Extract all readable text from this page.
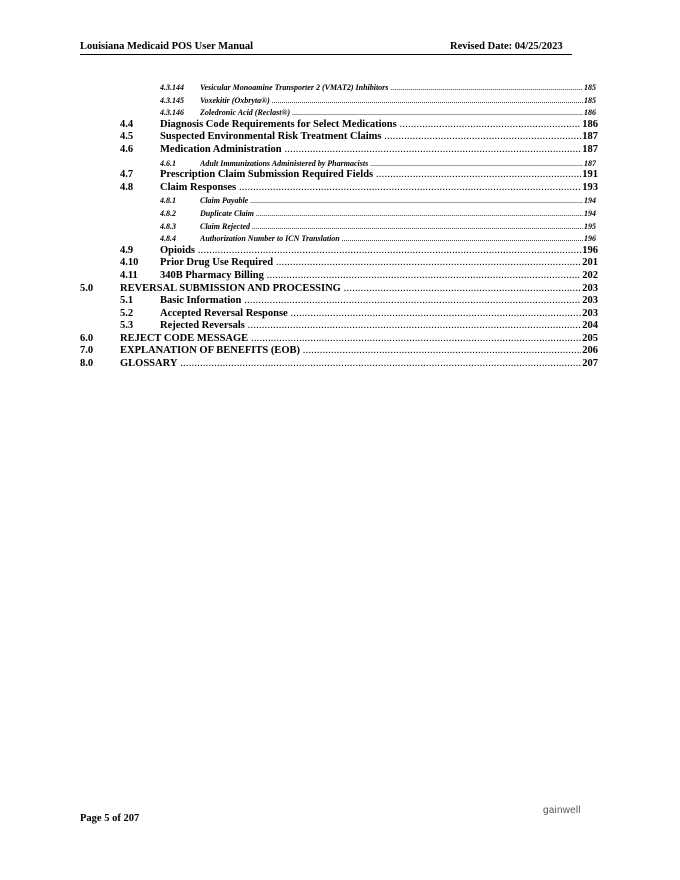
Louisiana Medicaid POS User Manual	Revised Date: 04/25/2023
4.3.144 Vesicular Monoamine Transporter 2 (VMAT2) Inhibitors .....	185
4.3.145 Voxekitir (Oxbryta®) .....	185
4.3.146 Zoledronic Acid (Reclast®) .....	186
4.4	Diagnosis Code Requirements for Select Medications .....	186
4.5	Suspected Environmental Risk Treatment Claims .....	187
4.6	Medication Administration .....	187
4.6.1	Adult Immunizations Administered by Pharmacists .....	187
4.7	Prescription Claim Submission Required Fields .....	191
4.8	Claim Responses .....	193
4.8.1	Claim Payable .....	194
4.8.2	Duplicate Claim .....	194
4.8.3	Claim Rejected .....	195
4.8.4	Authorization Number to ICN Translation .....	196
4.9	Opioids .....	196
4.10 Prior Drug Use Required .....	201
4.11 340B Pharmacy Billing .....	202
5.0	REVERSAL SUBMISSION AND PROCESSING .....	203
5.1	Basic Information .....	203
5.2	Accepted Reversal Response .....	203
5.3	Rejected Reversals .....	204
6.0	REJECT CODE MESSAGE .....	205
7.0	EXPLANATION OF BENEFITS (EOB) .....	206
8.0	GLOSSARY .....	207
Page 5 of 207
gainwell
